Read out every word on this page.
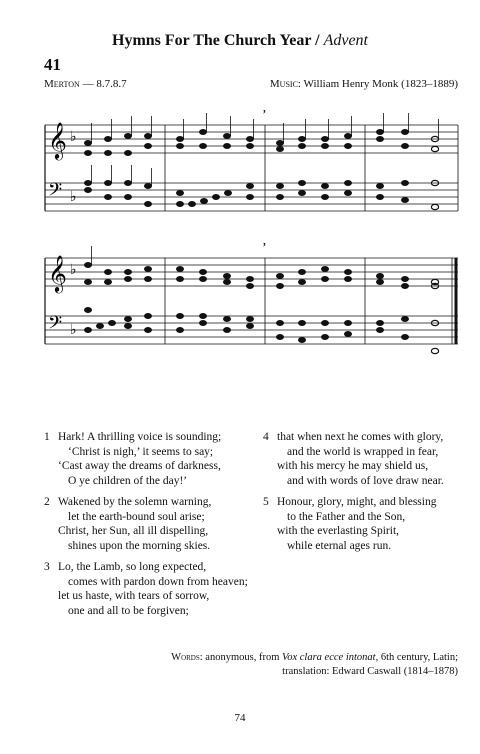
Hymns For The Church Year / Advent
41
Merton — 8.7.8.7	Music: William Henry Monk (1823–1889)
𝄞
𝄢
♭
♭
’
𝄞
𝄢
♭
♭
’
1 Hark! A thrilling voice is sounding;
‘Christ is nigh,’ it seems to say;
‘Cast away the dreams of darkness,
O ye children of the day!’
2 Wakened by the solemn warning,
let the earth-bound soul arise;
Christ, her Sun, all ill dispelling,
shines upon the morning skies.
3 Lo, the Lamb, so long expected,
comes with pardon down from heaven;
let us haste, with tears of sorrow,
one and all to be forgiven;
4 that when next he comes with glory,
and the world is wrapped in fear,
with his mercy he may shield us,
and with words of love draw near.
5 Honour, glory, might, and blessing
to the Father and the Son,
with the everlasting Spirit,
while eternal ages run.
Words: anonymous, from Vox clara ecce intonat, 6th century, Latin;
translation: Edward Caswall (1814–1878)
74
